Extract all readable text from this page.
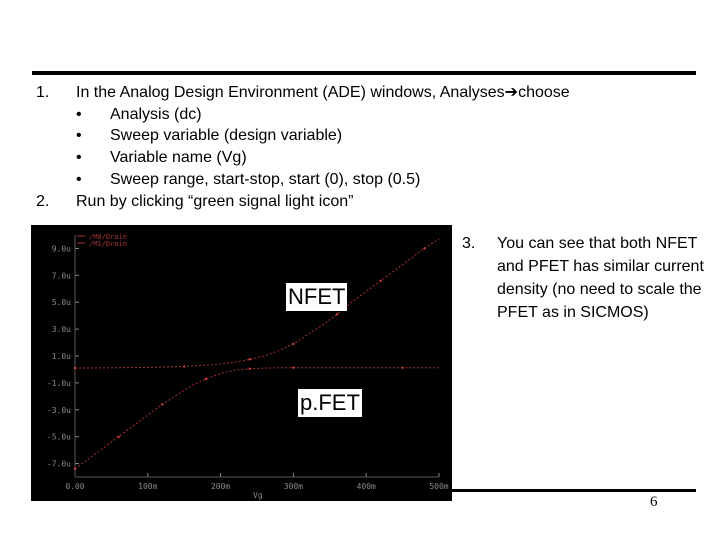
1. In the Analog Design Environment (ADE) windows, Analyses➔choose
• Analysis (dc)
• Sweep variable (design variable)
• Variable name (Vg)
• Sweep range, start-stop, start (0), stop (0.5)
2. Run by clicking “green signal light icon”
9.0u
7.0u
5.0u
3.0u
1.0u
-1.0u
-3.0u
-5.0u
-7.0u
0.00	100m	200m	300m	400m	500m
Vg
/M0/Drain
/M1/Drain
NFET
p.FET
3. You can see that both NFET and PFET has similar current density (no need to scale the PFET as in SICMOS)
6
